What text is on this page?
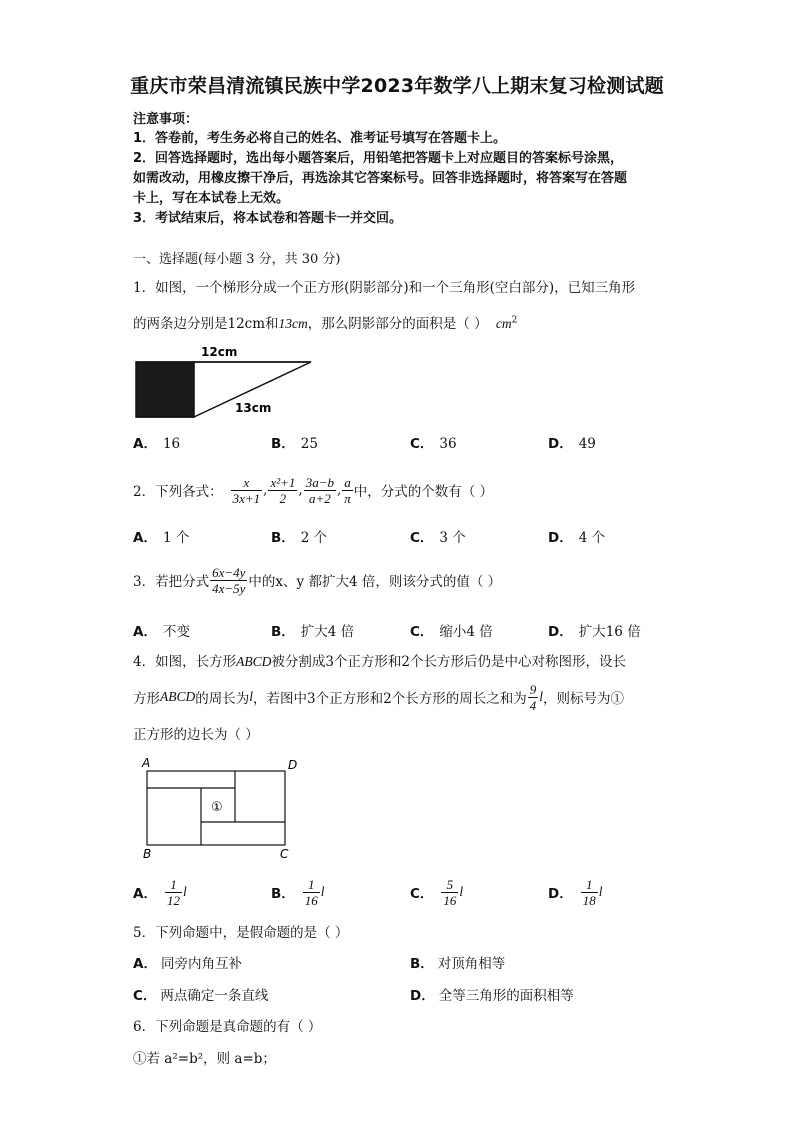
重庆市荣昌清流镇民族中学2023年数学八上期末复习检测试题
注意事项：
1．答卷前，考生务必将自己的姓名、准考证号填写在答题卡上。
2．回答选择题时，选出每小题答案后，用铅笔把答题卡上对应题目的答案标号涂黑，
如需改动，用橡皮擦干净后，再选涂其它答案标号。回答非选择题时，将答案写在答题
卡上，写在本试卷上无效。
3．考试结束后，将本试卷和答题卡一并交回。
一、选择题(每小题 3 分，共 30 分)
1．如图，一个梯形分成一个正方形(阴影部分)和一个三角形(空白部分)，已知三角形
的两条边分别是12cm和13cm，那么阴影部分的面积是（ ） $cm^2$
12cm
13cm
A． 16	B． 25	C． 36	D． 49
2．下列各式： $\frac{x}{3x+1}$ , $\frac{\text{x²+1}}{2}$ , $\frac{3a-b}{a+2}$ , $\frac{a}{\pi}$ 中，分式的个数有（ ）
A． 1 个	B． 2 个	C． 3 个	D． 4 个
3．若把分式 $\frac{6x-4y}{4x-5y}$ 中的x、y 都扩大4 倍，则该分式的值（ ）
A． 不变	B． 扩大4 倍	C． 缩小4 倍	D． 扩大16 倍
4．如图，长方形ABCD被分割成3个正方形和2个长方形后仍是中心对称图形，设长
方形 ABCD 的周长为 l ，若图中3个正方形和2个长方形的周长之和为 $\frac{9}{4}$ l ，则标号为①
正方形的边长为（ ）
A	D
B	C
①
A． $\frac{1}{12}$ l	B． $\frac{1}{16}$ l	C． $\frac{5}{16}$ l	D． $\frac{1}{18}$ l
5．下列命题中，是假命题的是（ ）
A． 同旁内角互补	B． 对顶角相等
C． 两点确定一条直线	D． 全等三角形的面积相等
6．下列命题是真命题的有（ ）
①若 a²=b²，则 a=b；
